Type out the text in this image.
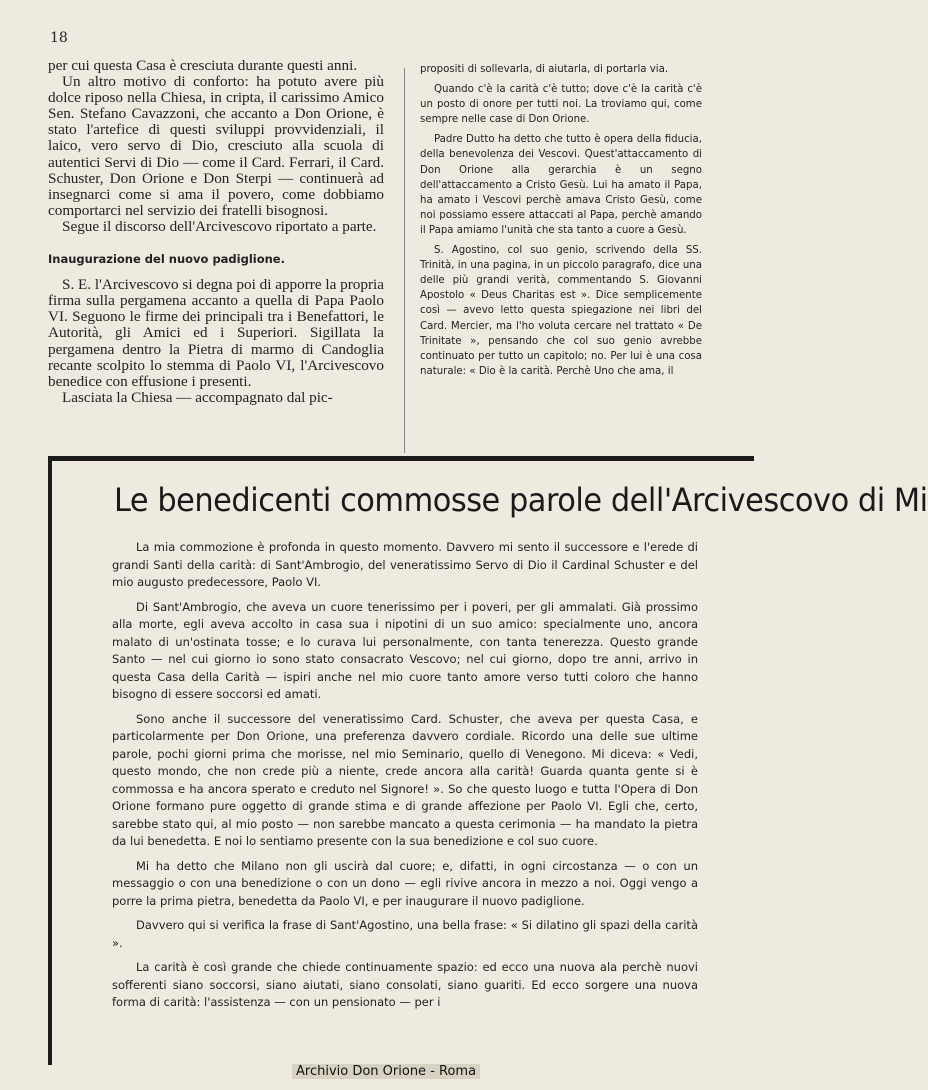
18

per cui questa Casa è cresciuta durante questi anni.

Un altro motivo di conforto: ha potuto avere più dolce riposo nella Chiesa, in cripta, il carissimo Amico Sen. Stefano Cavazzoni, che accanto a Don Orione, è stato l'artefice di questi sviluppi provvidenziali, il laico, vero servo di Dio, cresciuto alla scuola di autentici Servi di Dio — come il Card. Ferrari, il Card. Schuster, Don Orione e Don Sterpi — continuerà ad insegnarci come si ama il povero, come dobbiamo comportarci nel servizio dei fratelli bisognosi.

Segue il discorso dell'Arcivescovo riportato a parte.

Inaugurazione del nuovo padiglione.

S. E. l'Arcivescovo si degna poi di apporre la propria firma sulla pergamena accanto a quella di Papa Paolo VI. Seguono le firme dei principali tra i Benefattori, le Autorità, gli Amici ed i Superiori. Sigillata la pergamena dentro la Pietra di marmo di Candoglia recante scolpito lo stemma di Paolo VI, l'Arcivescovo benedice con effusione i presenti.

Lasciata la Chiesa — accompagnato dal pic-

propositi di sollevarla, di aiutarla, di portarla via.

Quando c'è la carità c'è tutto; dove c'è la carità c'è un posto di onore per tutti noi. La troviamo qui, come sempre nelle case di Don Orione.

Padre Dutto ha detto che tutto è opera della fiducia, della benevolenza dei Vescovi. Quest'attaccamento di Don Orione alla gerarchia è un segno dell'attaccamento a Cristo Gesù. Lui ha amato il Papa, ha amato i Vescovi perchè amava Cristo Gesù, come noi possiamo essere attaccati al Papa, perchè amando il Papa amiamo l'unità che sta tanto a cuore a Gesù.

S. Agostino, col suo genio, scrivendo della SS. Trinità, in una pagina, in un piccolo paragrafo, dice una delle più grandi verità, commentando S. Giovanni Apostolo « Deus Charitas est ». Dice semplicemente così — avevo letto questa spiegazione nei libri del Card. Mercier, ma l'ho voluta cercare nel trattato « De Trinitate », pensando che col suo genio avrebbe continuato per tutto un capitolo; no. Per lui è una cosa naturale: « Dio è la carità. Perchè Uno che ama, il

Le benedicenti commosse parole dell'Arcivescovo di Mi

La mia commozione è profonda in questo momento. Davvero mi sento il successore e l'erede di grandi Santi della carità: di Sant'Ambrogio, del veneratissimo Servo di Dio il Cardinal Schuster e del mio augusto predecessore, Paolo VI.

Di Sant'Ambrogio, che aveva un cuore tenerissimo per i poveri, per gli ammalati. Già prossimo alla morte, egli aveva accolto in casa sua i nipotini di un suo amico: specialmente uno, ancora malato di un'ostinata tosse; e lo curava lui personalmente, con tanta tenerezza. Questo grande Santo — nel cui giorno io sono stato consacrato Vescovo; nel cui giorno, dopo tre anni, arrivo in questa Casa della Carità — ispiri anche nel mio cuore tanto amore verso tutti coloro che hanno bisogno di essere soccorsi ed amati.

Sono anche il successore del veneratissimo Card. Schuster, che aveva per questa Casa, e particolarmente per Don Orione, una preferenza davvero cordiale. Ricordo una delle sue ultime parole, pochi giorni prima che morisse, nel mio Seminario, quello di Venegono. Mi diceva: « Vedi, questo mondo, che non crede più a niente, crede ancora alla carità! Guarda quanta gente si è commossa e ha ancora sperato e creduto nel Signore! ». So che questo luogo e tutta l'Opera di Don Orione formano pure oggetto di grande stima e di grande affezione per Paolo VI. Egli che, certo, sarebbe stato qui, al mio posto — non sarebbe mancato a questa cerimonia — ha mandato la pietra da lui benedetta. E noi lo sentiamo presente con la sua benedizione e col suo cuore.

Mi ha detto che Milano non gli uscirà dal cuore; e, difatti, in ogni circostanza — o con un messaggio o con una benedizione o con un dono — egli rivive ancora in mezzo a noi. Oggi vengo a porre la prima pietra, benedetta da Paolo VI, e per inaugurare il nuovo padiglione.

Davvero qui si verifica la frase di Sant'Agostino, una bella frase: « Si dilatino gli spazi della carità ».

La carità è così grande che chiede continuamente spazio: ed ecco una nuova ala perchè nuovi sofferenti siano soccorsi, siano aiutati, siano consolati, siano guariti. Ed ecco sorgere una nuova forma di carità: l'assistenza — con un pensionato — per i

Archivio Don Orione - Roma
